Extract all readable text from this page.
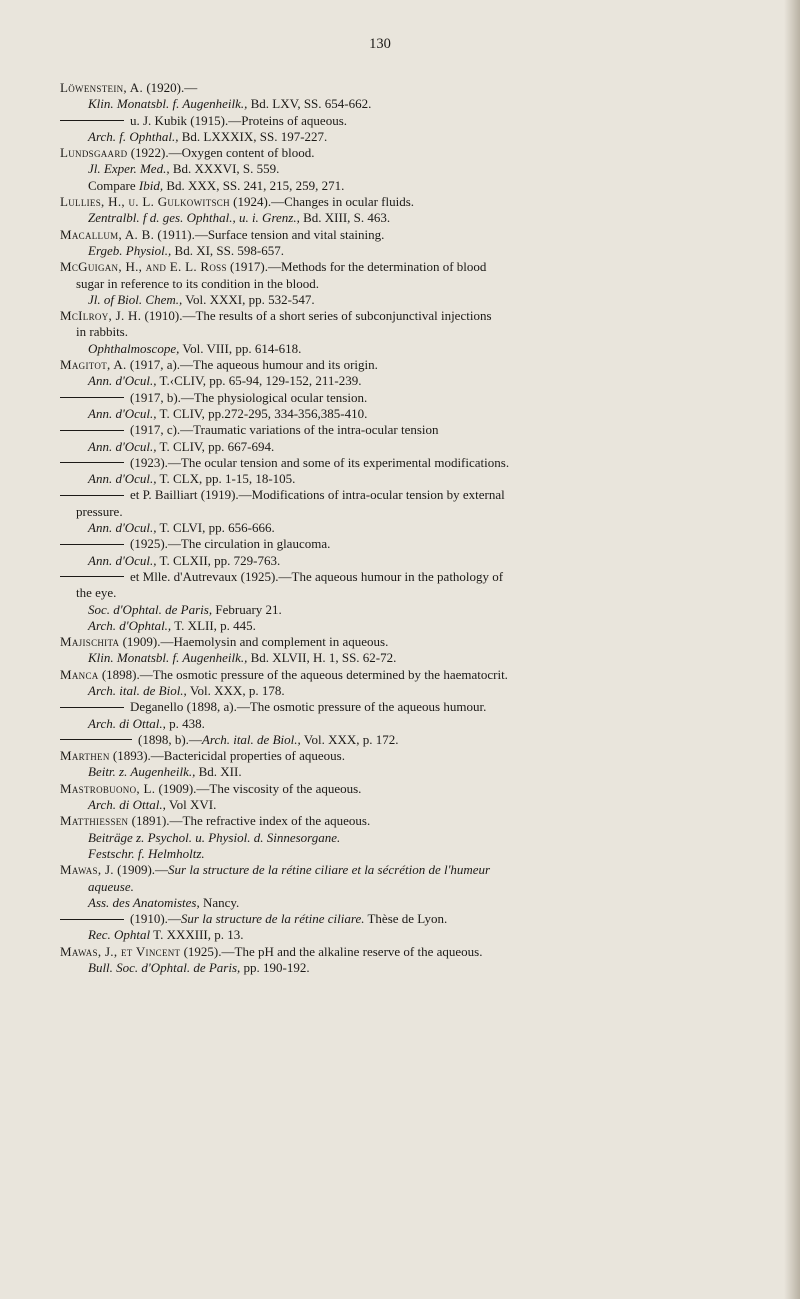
130
Löwenstein, A. (1920).—
Klin. Monatsbl. f. Augenheilk., Bd. LXV, SS. 654-662.
u. J. Kubik (1915).—Proteins of aqueous.
Arch. f. Ophthal., Bd. LXXXIX, SS. 197-227.
Lundsgaard (1922).—Oxygen content of blood.
Jl. Exper. Med., Bd. XXXVI, S. 559.
Compare Ibid, Bd. XXX, SS. 241, 215, 259, 271.
Lullies, H., u. L. Gulkowitsch (1924).—Changes in ocular fluids.
Zentralbl. f d. ges. Ophthal., u. i. Grenz., Bd. XIII, S. 463.
Macallum, A. B. (1911).—Surface tension and vital staining.
Ergeb. Physiol., Bd. XI, SS. 598-657.
McGuigan, H., and E. L. Ross (1917).—Methods for the determination of blood
sugar in reference to its condition in the blood.
Jl. of Biol. Chem., Vol. XXXI, pp. 532-547.
McIlroy, J. H. (1910).—The results of a short series of subconjunctival injections
in rabbits.
Ophthalmoscope, Vol. VIII, pp. 614-618.
Magitot, A. (1917, a).—The aqueous humour and its origin.
Ann. d'Ocul., T.‹CLIV, pp. 65-94, 129-152, 211-239.
(1917, b).—The physiological ocular tension.
Ann. d'Ocul., T. CLIV, pp.272-295, 334-356,385-410.
(1917, c).—Traumatic variations of the intra-ocular tension
Ann. d'Ocul., T. CLIV, pp. 667-694.
(1923).—The ocular tension and some of its experimental modifications.
Ann. d'Ocul., T. CLX, pp. 1-15, 18-105.
et P. Bailliart (1919).—Modifications of intra-ocular tension by external
pressure.
Ann. d'Ocul., T. CLVI, pp. 656-666.
(1925).—The circulation in glaucoma.
Ann. d'Ocul., T. CLXII, pp. 729-763.
et Mlle. d'Autrevaux (1925).—The aqueous humour in the pathology of
the eye.
Soc. d'Ophtal. de Paris, February 21.
Arch. d'Ophtal., T. XLII, p. 445.
Majischita (1909).—Haemolysin and complement in aqueous.
Klin. Monatsbl. f. Augenheilk., Bd. XLVII, H. 1, SS. 62-72.
Manca (1898).—The osmotic pressure of the aqueous determined by the haematocrit.
Arch. ital. de Biol., Vol. XXX, p. 178.
Deganello (1898, a).—The osmotic pressure of the aqueous humour.
Arch. di Ottal., p. 438.
(1898, b).—Arch. ital. de Biol., Vol. XXX, p. 172.
Marthen (1893).—Bactericidal properties of aqueous.
Beitr. z. Augenheilk., Bd. XII.
Mastrobuono, L. (1909).—The viscosity of the aqueous.
Arch. di Ottal., Vol XVI.
Matthiessen (1891).—The refractive index of the aqueous.
Beiträge z. Psychol. u. Physiol. d. Sinnesorgane.
Festschr. f. Helmholtz.
Mawas, J. (1909).—Sur la structure de la rétine ciliare et la sécrétion de l'humeur
aqueuse.
Ass. des Anatomistes, Nancy.
(1910).—Sur la structure de la rétine ciliare. Thèse de Lyon.
Rec. Ophtal T. XXXIII, p. 13.
Mawas, J., et Vincent (1925).—The pH and the alkaline reserve of the aqueous.
Bull. Soc. d'Ophtal. de Paris, pp. 190-192.
